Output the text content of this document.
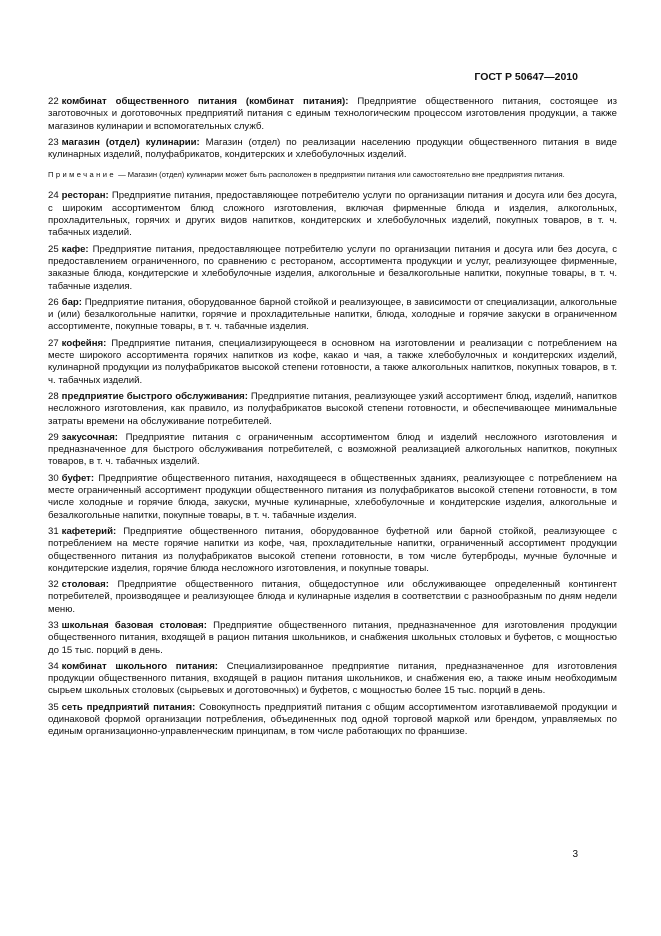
ГОСТ Р 50647—2010

22 комбинат общественного питания (комбинат питания): Предприятие общественного питания, состоящее из заготовочных и доготовочных предприятий питания с единым технологическим процессом изготовления продукции, а также магазинов кулинарии и вспомогательных служб.

23 магазин (отдел) кулинарии: Магазин (отдел) по реализации населению продукции общественного питания в виде кулинарных изделий, полуфабрикатов, кондитерских и хлебобулочных изделий.

Примечание — Магазин (отдел) кулинарии может быть расположен в предприятии питания или самостоятельно вне предприятия питания.

24 ресторан: Предприятие питания, предоставляющее потребителю услуги по организации питания и досуга или без досуга, с широким ассортиментом блюд сложного изготовления, включая фирменные блюда и изделия, алкогольных, прохладительных, горячих и других видов напитков, кондитерских и хлебобулочных изделий, покупных товаров, в т. ч. табачных изделий.

25 кафе: Предприятие питания, предоставляющее потребителю услуги по организации питания и досуга или без досуга, с предоставлением ограниченного, по сравнению с рестораном, ассортимента продукции и услуг, реализующее фирменные, заказные блюда, кондитерские и хлебобулочные изделия, алкогольные и безалкогольные напитки, покупные товары, в т. ч. табачные изделия.

26 бар: Предприятие питания, оборудованное барной стойкой и реализующее, в зависимости от специализации, алкогольные и (или) безалкогольные напитки, горячие и прохладительные напитки, блюда, холодные и горячие закуски в ограниченном ассортименте, покупные товары, в т. ч. табачные изделия.

27 кофейня: Предприятие питания, специализирующееся в основном на изготовлении и реализации с потреблением на месте широкого ассортимента горячих напитков из кофе, какао и чая, а также хлебобулочных и кондитерских изделий, кулинарной продукции из полуфабрикатов высокой степени готовности, а также алкогольных напитков, покупных товаров, в т. ч. табачных изделий.

28 предприятие быстрого обслуживания: Предприятие питания, реализующее узкий ассортимент блюд, изделий, напитков несложного изготовления, как правило, из полуфабрикатов высокой степени готовности, и обеспечивающее минимальные затраты времени на обслуживание потребителей.

29 закусочная: Предприятие питания с ограниченным ассортиментом блюд и изделий несложного изготовления и предназначенное для быстрого обслуживания потребителей, с возможной реализацией алкогольных напитков, покупных товаров, в т. ч. табачных изделий.

30 буфет: Предприятие общественного питания, находящееся в общественных зданиях, реализующее с потреблением на месте ограниченный ассортимент продукции общественного питания из полуфабрикатов высокой степени готовности, в том числе холодные и горячие блюда, закуски, мучные кулинарные, хлебобулочные и кондитерские изделия, алкогольные и безалкогольные напитки, покупные товары, в т. ч. табачные изделия.

31 кафетерий: Предприятие общественного питания, оборудованное буфетной или барной стойкой, реализующее с потреблением на месте горячие напитки из кофе, чая, прохладительные напитки, ограниченный ассортимент продукции общественного питания из полуфабрикатов высокой степени готовности, в том числе бутерброды, мучные булочные и кондитерские изделия, горячие блюда несложного изготовления, и покупные товары.

32 столовая: Предприятие общественного питания, общедоступное или обслуживающее определенный контингент потребителей, производящее и реализующее блюда и кулинарные изделия в соответствии с разнообразным по дням недели меню.

33 школьная базовая столовая: Предприятие общественного питания, предназначенное для изготовления продукции общественного питания, входящей в рацион питания школьников, и снабжения школьных столовых и буфетов, с мощностью до 15 тыс. порций в день.

34 комбинат школьного питания: Специализированное предприятие питания, предназначенное для изготовления продукции общественного питания, входящей в рацион питания школьников, и снабжения ею, а также иным необходимым сырьем школьных столовых (сырьевых и доготовочных) и буфетов, с мощностью более 15 тыс. порций в день.

35 сеть предприятий питания: Совокупность предприятий питания с общим ассортиментом изготавливаемой продукции и одинаковой формой организации потребления, объединенных под одной торговой маркой или брендом, управляемых по единым организационно-управленческим принципам, в том числе работающих по франшизе.

3
